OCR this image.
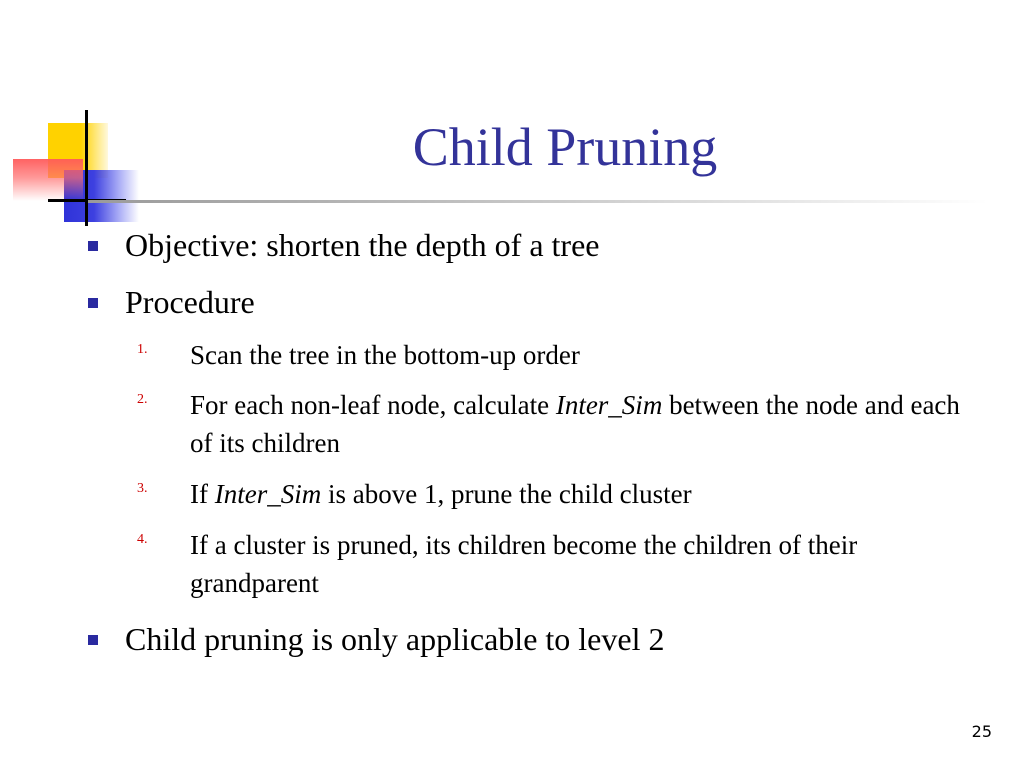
Child Pruning
Objective: shorten the depth of a tree
Procedure
1. Scan the tree in the bottom-up order
2. For each non-leaf node, calculate Inter_Sim between the node and each of its children
3. If Inter_Sim is above 1, prune the child cluster
4. If a cluster is pruned, its children become the children of their grandparent
Child pruning is only applicable to level 2
25
